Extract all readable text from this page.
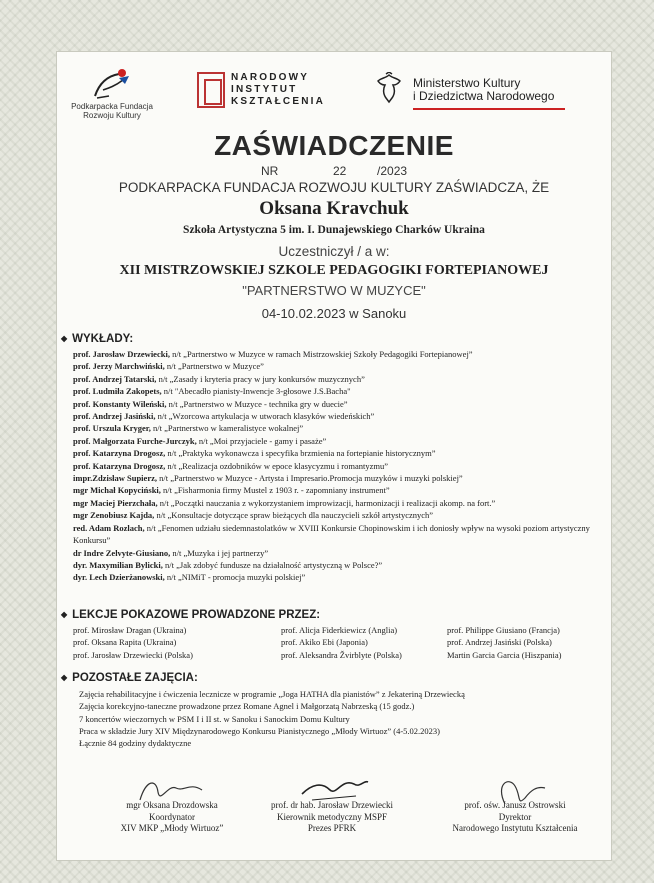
Podkarpacka Fundacja
Rozwoju Kultury
NARODOWY
INSTYTUT
KSZTAŁCENIA
Ministerstwo Kultury
i Dziedzictwa Narodowego
ZAŚWIADCZENIE
NR	22	/2023
PODKARPACKA FUNDACJA ROZWOJU KULTURY ZAŚWIADCZA, ŻE
Oksana Kravchuk
Szkoła Artystyczna 5 im. I. Dunajewskiego Charków Ukraina
Uczestniczył / a w:
XII MISTRZOWSKIEJ SZKOLE PEDAGOGIKI FORTEPIANOWEJ
"PARTNERSTWO W MUZYCE"
04-10.02.2023 w Sanoku
◆ WYKŁADY:
prof. Jarosław Drzewiecki, n/t „Partnerstwo w Muzyce w ramach Mistrzowskiej Szkoły Pedagogiki Fortepianowej”
prof. Jerzy Marchwiński, n/t „Partnerstwo w Muzyce”
prof. Andrzej Tatarski, n/t „Zasady i kryteria pracy w jury konkursów muzycznych”
prof. Ludmiła Zakopets, n/t "Abecadło pianisty-Inwencje 3-głosowe J.S.Bacha"
prof. Konstanty Wileński, n/t „Partnerstwo w Muzyce - technika gry w duecie”
prof. Andrzej Jasiński, n/t „Wzorcowa artykulacja w utworach klasyków wiedeńskich”
prof. Urszula Kryger, n/t „Partnerstwo w kameralistyce wokalnej”
prof. Małgorzata Furche-Jurczyk, n/t „Moi przyjaciele - gamy i pasaże”
prof. Katarzyna Drogosz, n/t „Praktyka wykonawcza i specyfika brzmienia na fortepianie historycznym”
prof. Katarzyna Drogosz, n/t „Realizacja ozdobników w epoce klasycyzmu i romantyzmu”
impr.Zdzisław Supierz, n/t „Partnerstwo w Muzyce - Artysta i Impresario.Promocja muzyków i muzyki polskiej”
mgr Michał Kopyciński, n/t „Fisharmonia firmy Mustel z 1903 r. - zapomniany instrument”
mgr Maciej Pierzchała, n/t „Początki nauczania z wykorzystaniem improwizacji, harmonizacji i realizacji akomp. na fort.”
mgr Zenobiusz Kajda, n/t „Konsultacje dotyczące spraw bieżących dla nauczycieli szkół artystycznych”
red. Adam Rozlach, n/t „Fenomen udziału siedemnastolatków w XVIII Konkursie Chopinowskim i ich doniosły wpływ na wysoki poziom artystyczny Konkursu”
dr Indre Zelvyte-Giusiano, n/t „Muzyka i jej partnerzy”
dyr. Maxymilian Bylicki, n/t „Jak zdobyć fundusze na działalność artystyczną w Polsce?”
dyr. Lech Dzierżanowski, n/t „NIMiT - promocja muzyki polskiej”
◆ LEKCJE POKAZOWE PROWADZONE PRZEZ:
prof. Mirosław Dragan (Ukraina)
prof. Oksana Rapita (Ukraina)
prof. Jarosław Drzewiecki (Polska)
prof. Alicja Fiderkiewicz (Anglia)
prof. Akiko Ebi (Japonia)
prof. Aleksandra Žvirblyte (Polska)
prof. Philippe Giusiano (Francja)
prof. Andrzej Jasiński (Polska)
Martin Garcia Garcia (Hiszpania)
◆ POZOSTAŁE ZAJĘCIA:
Zajęcia rehabilitacyjne i ćwiczenia lecznicze w programie „Joga HATHA dla pianistów” z Jekateriną Drzewiecką
Zajęcia korekcyjno-taneczne prowadzone przez Romane Agnel i Małgorzatą Nabrzeską (15 godz.)
7 koncertów wieczornych w PSM I i II st. w Sanoku i Sanockim Domu Kultury
Praca w składzie Jury XIV Międzynarodowego Konkursu Pianistycznego „Młody Wirtuoz” (4-5.02.2023)
Łącznie 84 godziny dydaktyczne
mgr Oksana Drozdowska
Koordynator
XIV MKP „Młody Wirtuoz”
prof. dr hab. Jarosław Drzewiecki
Kierownik metodyczny MSPF
Prezes PFRK
prof. ośw. Janusz Ostrowski
Dyrektor
Narodowego Instytutu Kształcenia
